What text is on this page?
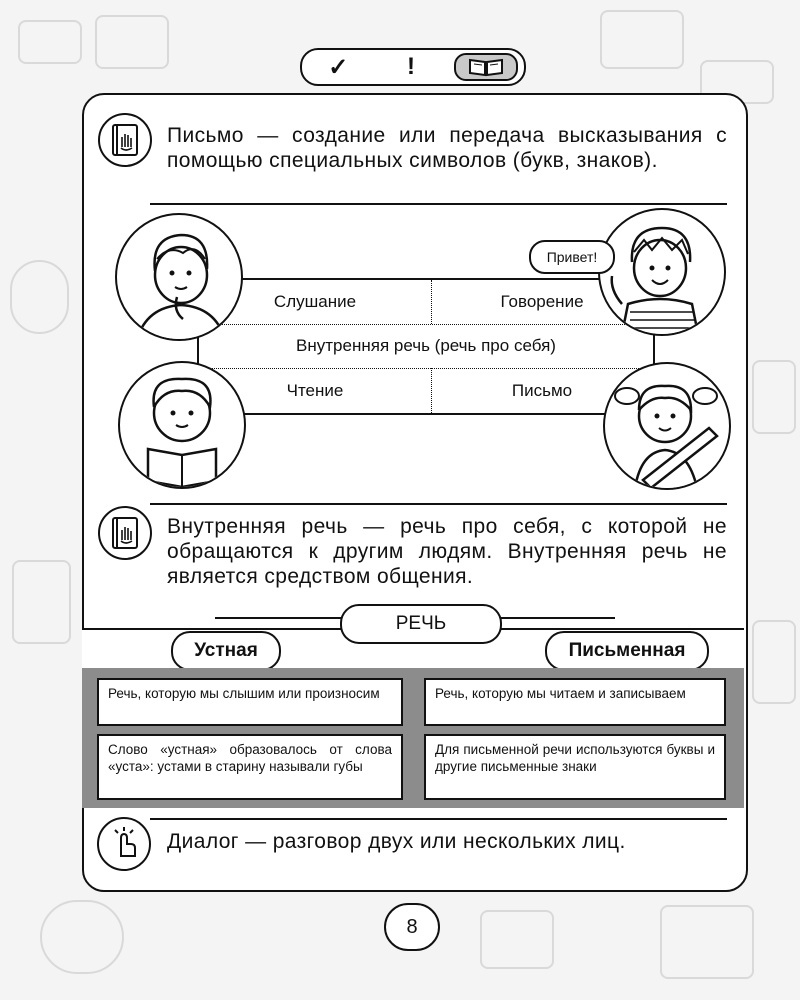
✓ !
Письмо — создание или передача высказывания с помощью специальных символов (букв, знаков).
Слушание	Говорение
Внутренняя речь (речь про себя)
Чтение	Письмо
Привет!
Внутренняя речь — речь про себя, с которой не обращаются к другим людям. Внутренняя речь не является средством общения.
РЕЧЬ
Устная	Письменная
Речь, которую мы слышим или произносим
Слово «устная» образовалось от слова «уста»: устами в старину называли губы
Речь, которую мы читаем и записываем
Для письменной речи используются буквы и другие письменные знаки
Диалог — разговор двух или нескольких лиц.
8
